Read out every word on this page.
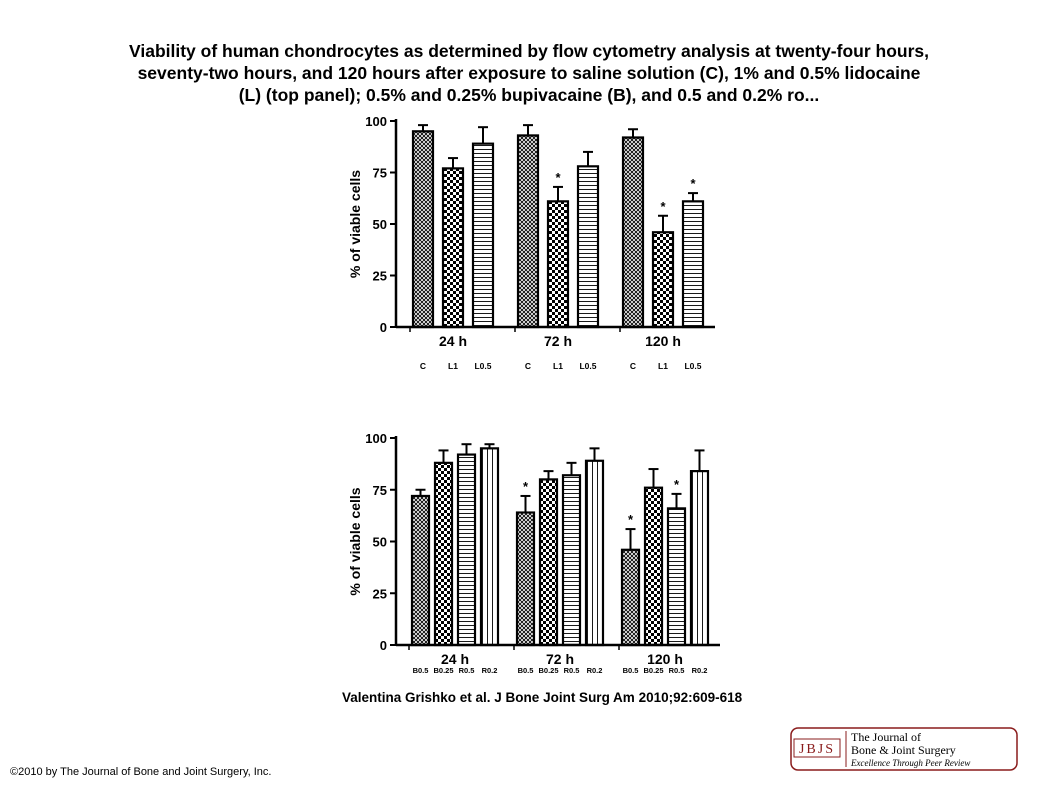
Viability of human chondrocytes as determined by flow cytometry analysis at twenty-four hours,
seventy-two hours, and 120 hours after exposure to saline solution (C), 1% and 0.5% lidocaine
(L) (top panel); 0.5% and 0.25% bupivacaine (B), and 0.5 and 0.2% ro...
*
*
*
0
25
50
75
100
% of viable cells
24 h
C	L1 L0.5
72 h
C	L1 L0.5
120 h
C	L1 L0.5
*
*
*
0
25
50
75
100
% of viable cells
24 h
B0.5 B0.25 R0.5 R0.2
72 h
B0.5 B0.25 R0.5 R0.2
120 h
B0.5 B0.25 R0.5 R0.2
Valentina Grishko et al. J Bone Joint Surg Am 2010;92:609-618
JBJS
The Journal of
Bone & Joint Surgery
Excellence Through Peer Review
©2010 by The Journal of Bone and Joint Surgery, Inc.
